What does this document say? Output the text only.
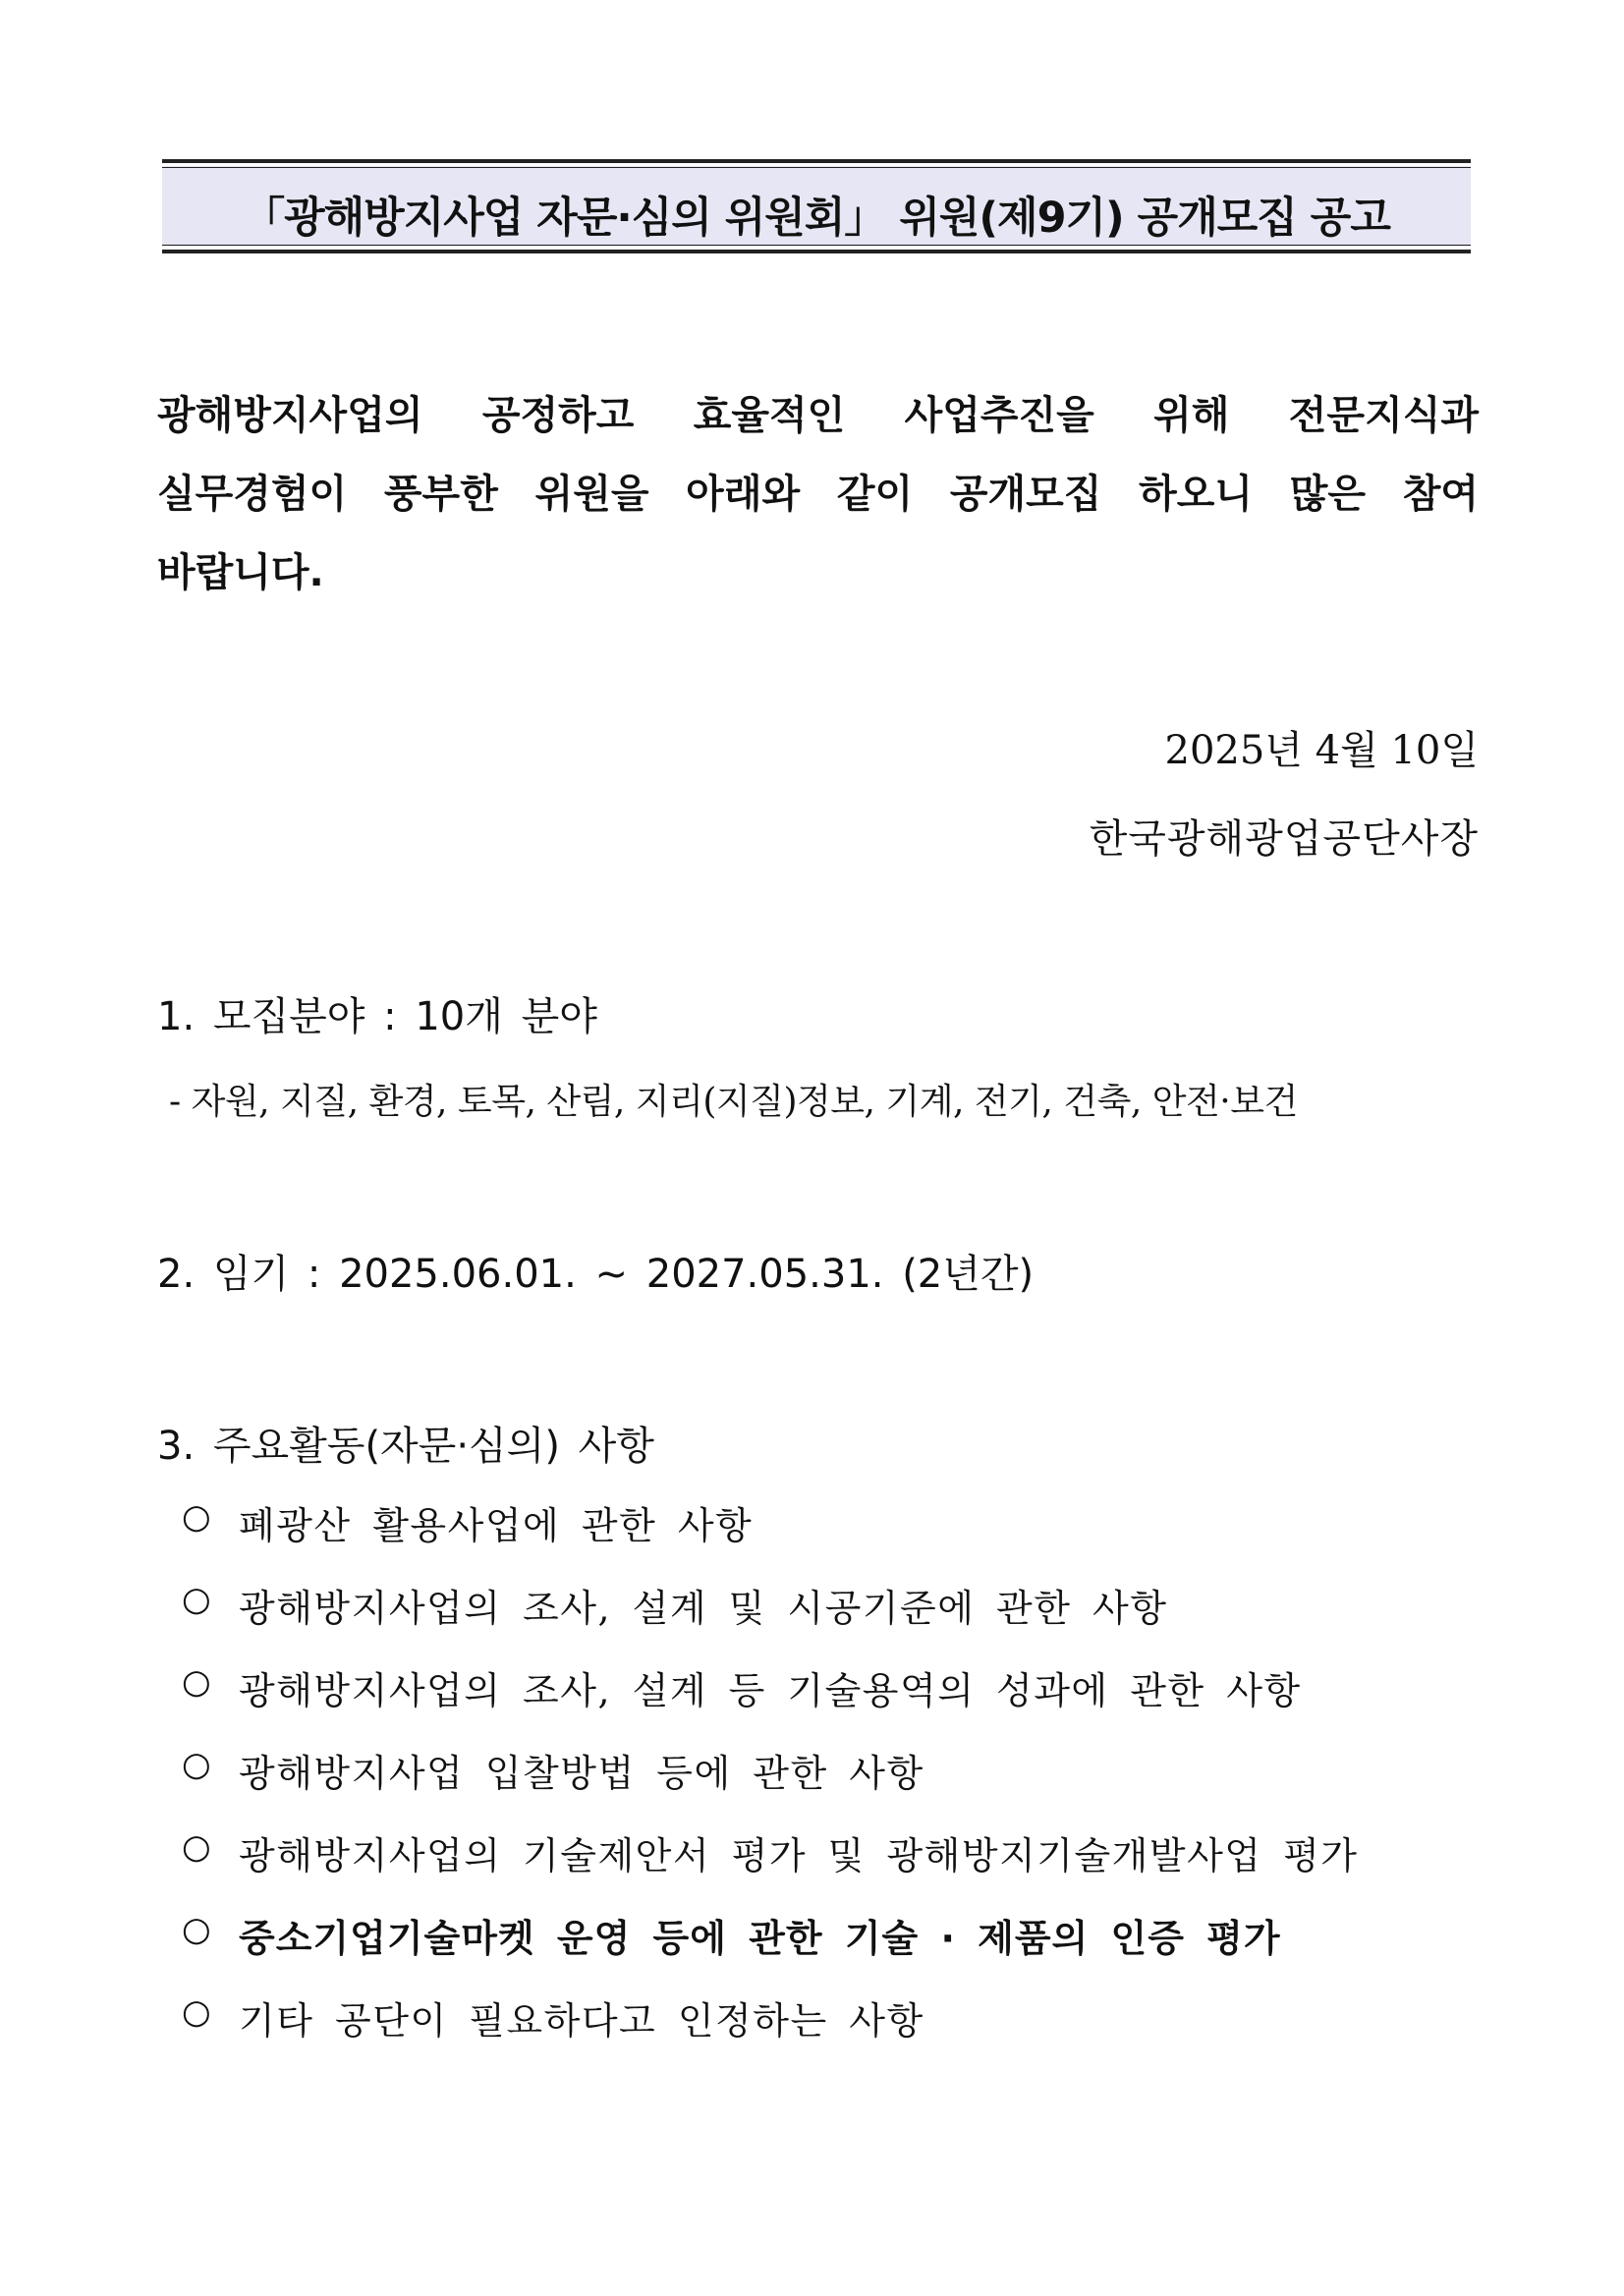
「광해방지사업 자문·심의 위원회」 위원(제9기) 공개모집 공고
광해방지사업의 공정하고 효율적인 사업추진을 위해 전문지식과
실무경험이 풍부한 위원을 아래와 같이 공개모집 하오니 많은 참여
바랍니다.
2025년 4월 10일
한국광해광업공단사장
1. 모집분야 : 10개 분야
- 자원, 지질, 환경, 토목, 산림, 지리(지질)정보, 기계, 전기, 건축, 안전·보건
2. 임기 : 2025.06.01. ~ 2027.05.31. (2년간)
3. 주요활동(자문·심의) 사항
○ 폐광산 활용사업에 관한 사항
○ 광해방지사업의 조사, 설계 및 시공기준에 관한 사항
○ 광해방지사업의 조사, 설계 등 기술용역의 성과에 관한 사항
○ 광해방지사업 입찰방법 등에 관한 사항
○ 광해방지사업의 기술제안서 평가 및 광해방지기술개발사업 평가
○ 중소기업기술마켓 운영 등에 관한 기술 · 제품의 인증 평가
○ 기타 공단이 필요하다고 인정하는 사항
